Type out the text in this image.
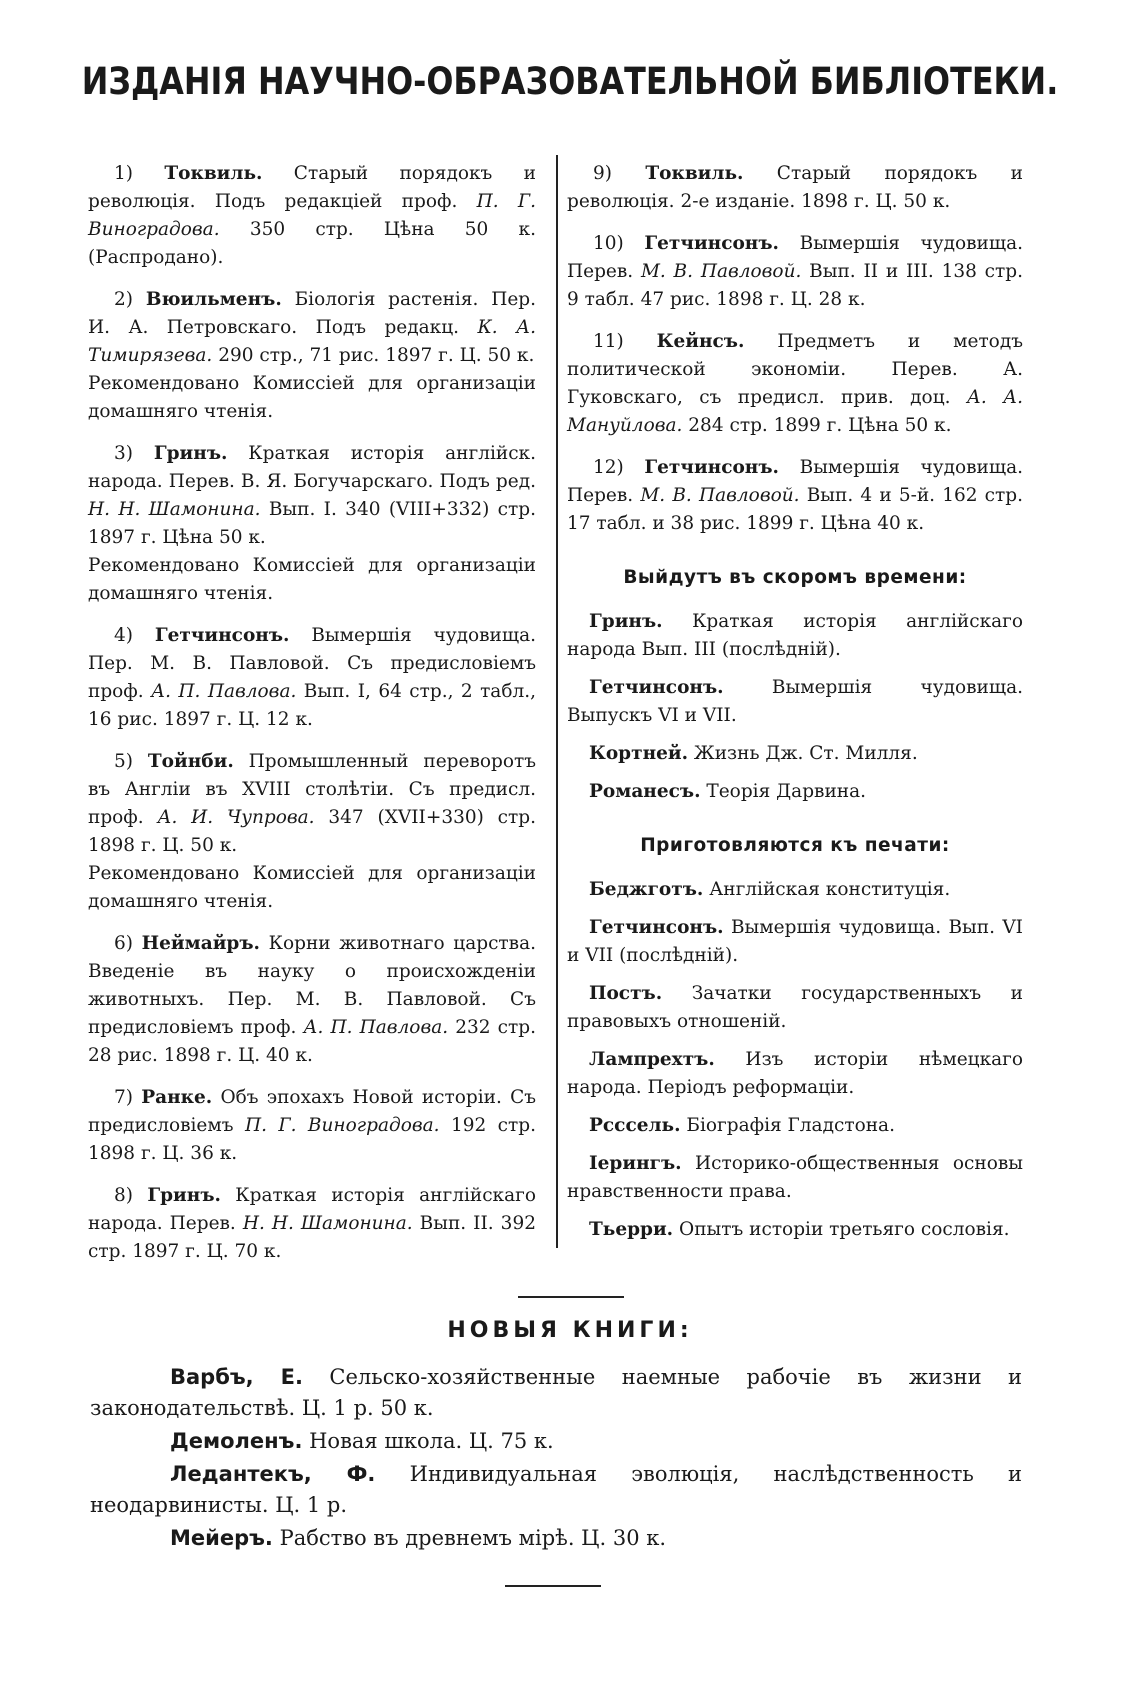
ИЗДАНІЯ НАУЧНО-ОБРАЗОВАТЕЛЬНОЙ БИБЛІОТЕКИ.

1) Токвиль. Старый порядокъ и революція. Подъ редакціей проф. П. Г. Виноградова. 350 стр. Цѣна 50 к. (Распродано).

2) Вюильменъ. Біологія растенія. Пер. И. А. Петровскаго. Подъ редакц. К. А. Тимирязева. 290 стр., 71 рис. 1897 г. Ц. 50 к.

Рекомендовано Комиссіей для организаціи домашняго чтенія.

3) Гринъ. Краткая исторія англійск. народа. Перев. В. Я. Богучарскаго. Подъ ред. Н. Н. Шамонина. Вып. I. 340 (VIII+332) стр. 1897 г. Цѣна 50 к.

Рекомендовано Комиссіей для организаціи домашняго чтенія.

4) Гетчинсонъ. Вымершія чудовища. Пер. М. В. Павловой. Съ предисловіемъ проф. А. П. Павлова. Вып. I, 64 стр., 2 табл., 16 рис. 1897 г. Ц. 12 к.

5) Тойнби. Промышленный переворотъ въ Англіи въ XVIII столѣтіи. Съ предисл. проф. А. И. Чупрова. 347 (XVII+330) стр. 1898 г. Ц. 50 к.

Рекомендовано Комиссіей для организаціи домашняго чтенія.

6) Неймайръ. Корни животнаго царства. Введеніе въ науку о происхожденіи животныхъ. Пер. М. В. Павловой. Съ предисловіемъ проф. А. П. Павлова. 232 стр. 28 рис. 1898 г. Ц. 40 к.

7) Ранке. Объ эпохахъ Новой исторіи. Съ предисловіемъ П. Г. Виноградова. 192 стр. 1898 г. Ц. 36 к.

8) Гринъ. Краткая исторія англійскаго народа. Перев. Н. Н. Шамонина. Вып. II. 392 стр. 1897 г. Ц. 70 к.

9) Токвиль. Старый порядокъ и революція. 2-е изданіе. 1898 г. Ц. 50 к.

10) Гетчинсонъ. Вымершія чудовища. Перев. М. В. Павловой. Вып. II и III. 138 стр. 9 табл. 47 рис. 1898 г. Ц. 28 к.

11) Кейнсъ. Предметъ и методъ политической экономіи. Перев. А. Гуковскаго, съ предисл. прив. доц. А. А. Мануйлова. 284 стр. 1899 г. Цѣна 50 к.

12) Гетчинсонъ. Вымершія чудовища. Перев. М. В. Павловой. Вып. 4 и 5-й. 162 стр. 17 табл. и 38 рис. 1899 г. Цѣна 40 к.

Выйдутъ въ скоромъ времени:
Гринъ. Краткая исторія англійскаго народа Вып. III (послѣдній).
Гетчинсонъ. Вымершія чудовища. Выпускъ VI и VII.
Кортней. Жизнь Дж. Ст. Милля.
Романесъ. Теорія Дарвина.
Приготовляются къ печати:
Беджготъ. Англійская конституція.
Гетчинсонъ. Вымершія чудовища. Вып. VI и VII (послѣдній).
Постъ. Зачатки государственныхъ и правовыхъ отношеній.
Лампрехтъ. Изъ исторіи нѣмецкаго народа. Періодъ реформаціи.
Рсссель. Біографія Гладстона.
Іерингъ. Историко-общественныя основы нравственности права.
Тьерри. Опытъ исторіи третьяго сословія.
НОВЫЯ КНИГИ:

Варбъ, Е. Сельско-хозяйственные наемные рабочіе въ жизни и законодательствѣ. Ц. 1 р. 50 к.

Демоленъ. Новая школа. Ц. 75 к.

Ледантекъ, Ф. Индивидуальная эволюція, наслѣдственность и неодарвинисты. Ц. 1 р.

Мейеръ. Рабство въ древнемъ мірѣ. Ц. 30 к.
